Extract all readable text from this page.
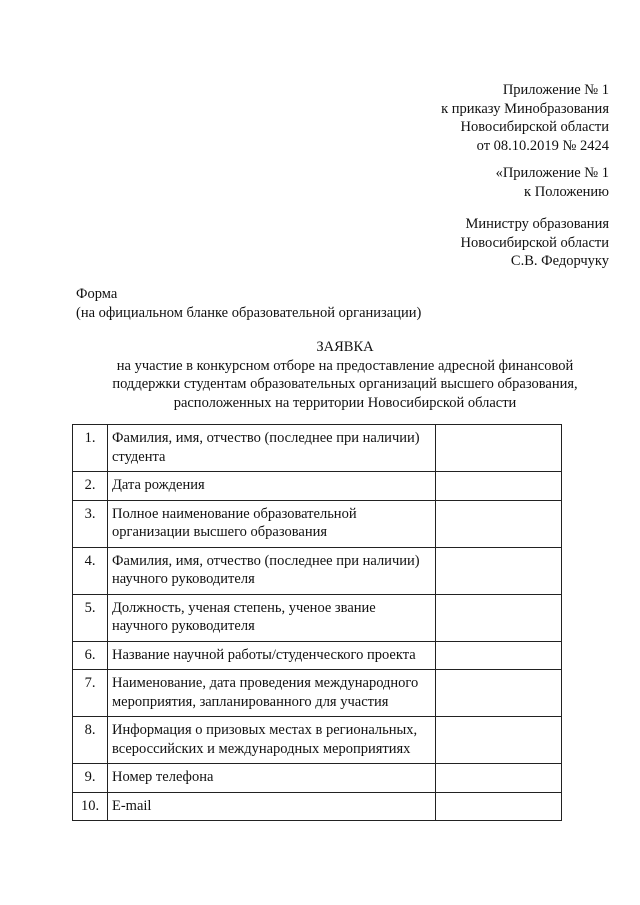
Приложение № 1
к приказу Минобразования
Новосибирской области
от 08.10.2019 № 2424
«Приложение № 1
к Положению
Министру образования
Новосибирской области
С.В. Федорчуку
Форма
(на официальном бланке образовательной организации)
ЗАЯВКА
на участие в конкурсном отборе на предоставление адресной финансовой
поддержки студентам образовательных организаций высшего образования,
расположенных на территории Новосибирской области
1.	Фамилия, имя, отчество (последнее при наличии) студента	
2.	Дата рождения	
3.	Полное наименование образовательной организации высшего образования	
4.	Фамилия, имя, отчество (последнее при наличии) научного руководителя	
5.	Должность, ученая степень, ученое звание научного руководителя	
6.	Название научной работы/студенческого проекта	
7.	Наименование, дата проведения международного мероприятия, запланированного для участия	
8.	Информация о призовых местах в региональных, всероссийских и международных мероприятиях	
9.	Номер телефона	
10.	E-mail	
